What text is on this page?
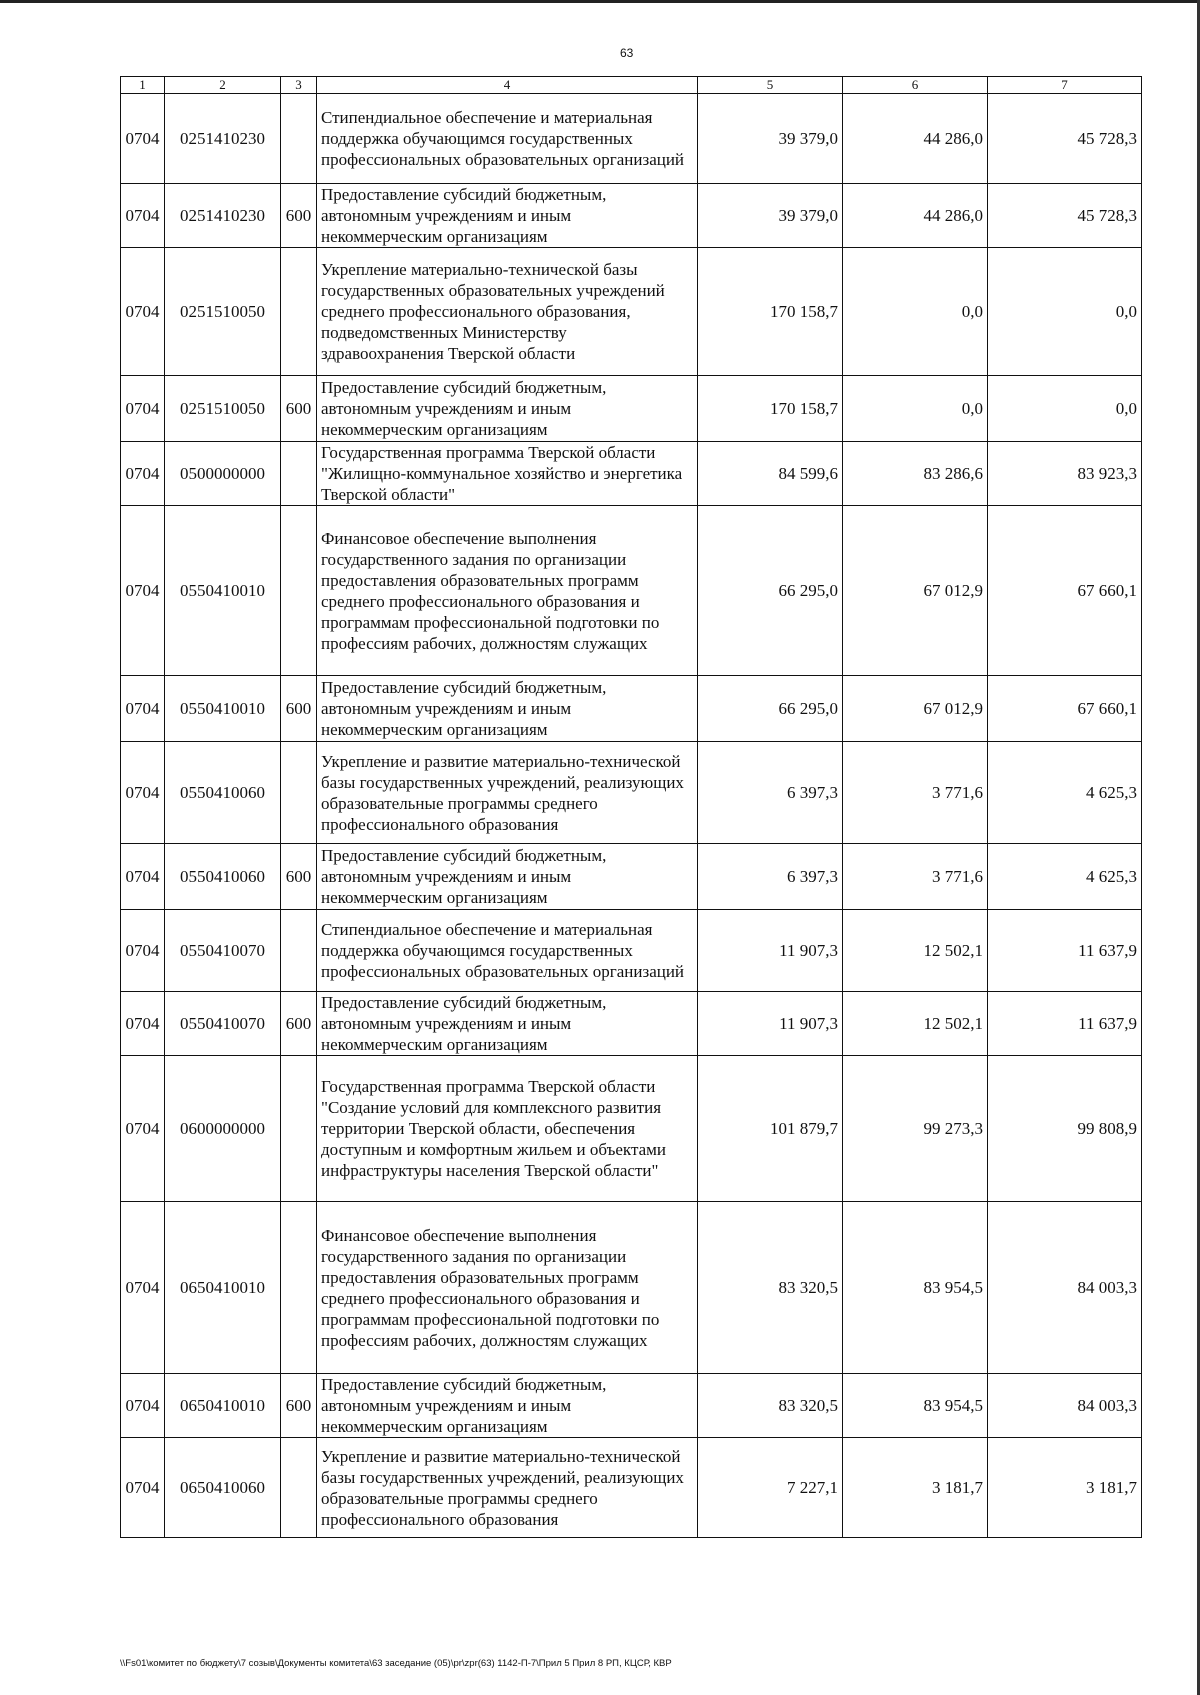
63
1	2	3	4	5	6	7
0704	0251410230		Стипендиальное обеспечение и материальная поддержка обучающимся государственных профессиональных образовательных организаций	39 379,0	44 286,0	45 728,3
0704	0251410230	600	Предоставление субсидий бюджетным, автономным учреждениям и иным некоммерческим организациям	39 379,0	44 286,0	45 728,3
0704	0251510050		Укрепление материально-технической базы государственных образовательных учреждений среднего профессионального образования, подведомственных Министерству здравоохранения Тверской области	170 158,7	0,0	0,0
0704	0251510050	600	Предоставление субсидий бюджетным, автономным учреждениям и иным некоммерческим организациям	170 158,7	0,0	0,0
0704	0500000000		Государственная программа Тверской области "Жилищно-коммунальное хозяйство и энергетика Тверской области"	84 599,6	83 286,6	83 923,3
0704	0550410010		Финансовое обеспечение выполнения государственного задания по организации предоставления образовательных программ среднего профессионального образования и программам профессиональной подготовки по профессиям рабочих, должностям служащих	66 295,0	67 012,9	67 660,1
0704	0550410010	600	Предоставление субсидий бюджетным, автономным учреждениям и иным некоммерческим организациям	66 295,0	67 012,9	67 660,1
0704	0550410060		Укрепление и развитие материально-технической базы государственных учреждений, реализующих образовательные программы среднего профессионального образования	6 397,3	3 771,6	4 625,3
0704	0550410060	600	Предоставление субсидий бюджетным, автономным учреждениям и иным некоммерческим организациям	6 397,3	3 771,6	4 625,3
0704	0550410070		Стипендиальное обеспечение и материальная поддержка обучающимся государственных профессиональных образовательных организаций	11 907,3	12 502,1	11 637,9
0704	0550410070	600	Предоставление субсидий бюджетным, автономным учреждениям и иным некоммерческим организациям	11 907,3	12 502,1	11 637,9
0704	0600000000		Государственная программа Тверской области "Создание условий для комплексного развития территории Тверской области, обеспечения доступным и комфортным жильем и объектами инфраструктуры населения Тверской области"	101 879,7	99 273,3	99 808,9
0704	0650410010		Финансовое обеспечение выполнения государственного задания по организации предоставления образовательных программ среднего профессионального образования и программам профессиональной подготовки по профессиям рабочих, должностям служащих	83 320,5	83 954,5	84 003,3
0704	0650410010	600	Предоставление субсидий бюджетным, автономным учреждениям и иным некоммерческим организациям	83 320,5	83 954,5	84 003,3
0704	0650410060		Укрепление и развитие материально-технической базы государственных учреждений, реализующих образовательные программы среднего профессионального образования	7 227,1	3 181,7	3 181,7
\\Fs01\комитет по бюджету\7 созыв\Документы комитета\63 заседание (05)\pr\zpr(63) 1142-П-7\Прил 5 Прил 8 РП, КЦСР, КВР
